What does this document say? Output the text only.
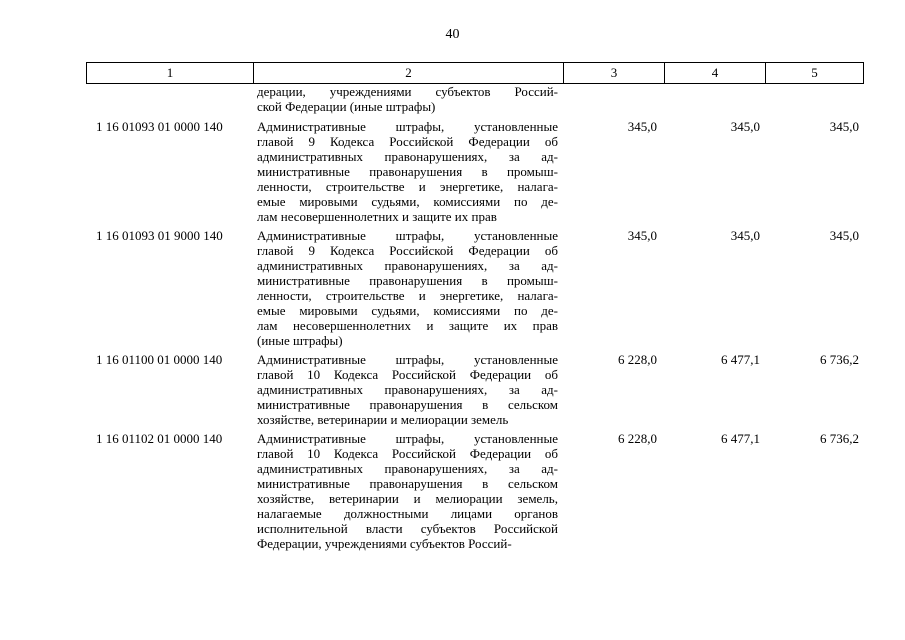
40
1	2	3	4	5
дерации, учреждениями субъектов Россий-
ской Федерации (иные штрафы)
1 16 01093 01 0000 140	Административные штрафы, установленные
главой 9 Кодекса Российской Федерации об
административных правонарушениях, за ад-
министративные правонарушения в промыш-
ленности, строительстве и энергетике, налага-
емые мировыми судьями, комиссиями по де-
лам несовершеннолетних и защите их прав
345,0	345,0	345,0
1 16 01093 01 9000 140	Административные штрафы, установленные
главой 9 Кодекса Российской Федерации об
административных правонарушениях, за ад-
министративные правонарушения в промыш-
ленности, строительстве и энергетике, налага-
емые мировыми судьями, комиссиями по де-
лам несовершеннолетних и защите их прав
(иные штрафы)
345,0	345,0	345,0
1 16 01100 01 0000 140	Административные штрафы, установленные
главой 10 Кодекса Российской Федерации об
административных правонарушениях, за ад-
министративные правонарушения в сельском
хозяйстве, ветеринарии и мелиорации земель
6 228,0	6 477,1	6 736,2
1 16 01102 01 0000 140	Административные штрафы, установленные
главой 10 Кодекса Российской Федерации об
административных правонарушениях, за ад-
министративные правонарушения в сельском
хозяйстве, ветеринарии и мелиорации земель,
налагаемые должностными лицами органов
исполнительной власти субъектов Российской
Федерации, учреждениями субъектов Россий-
6 228,0	6 477,1	6 736,2
